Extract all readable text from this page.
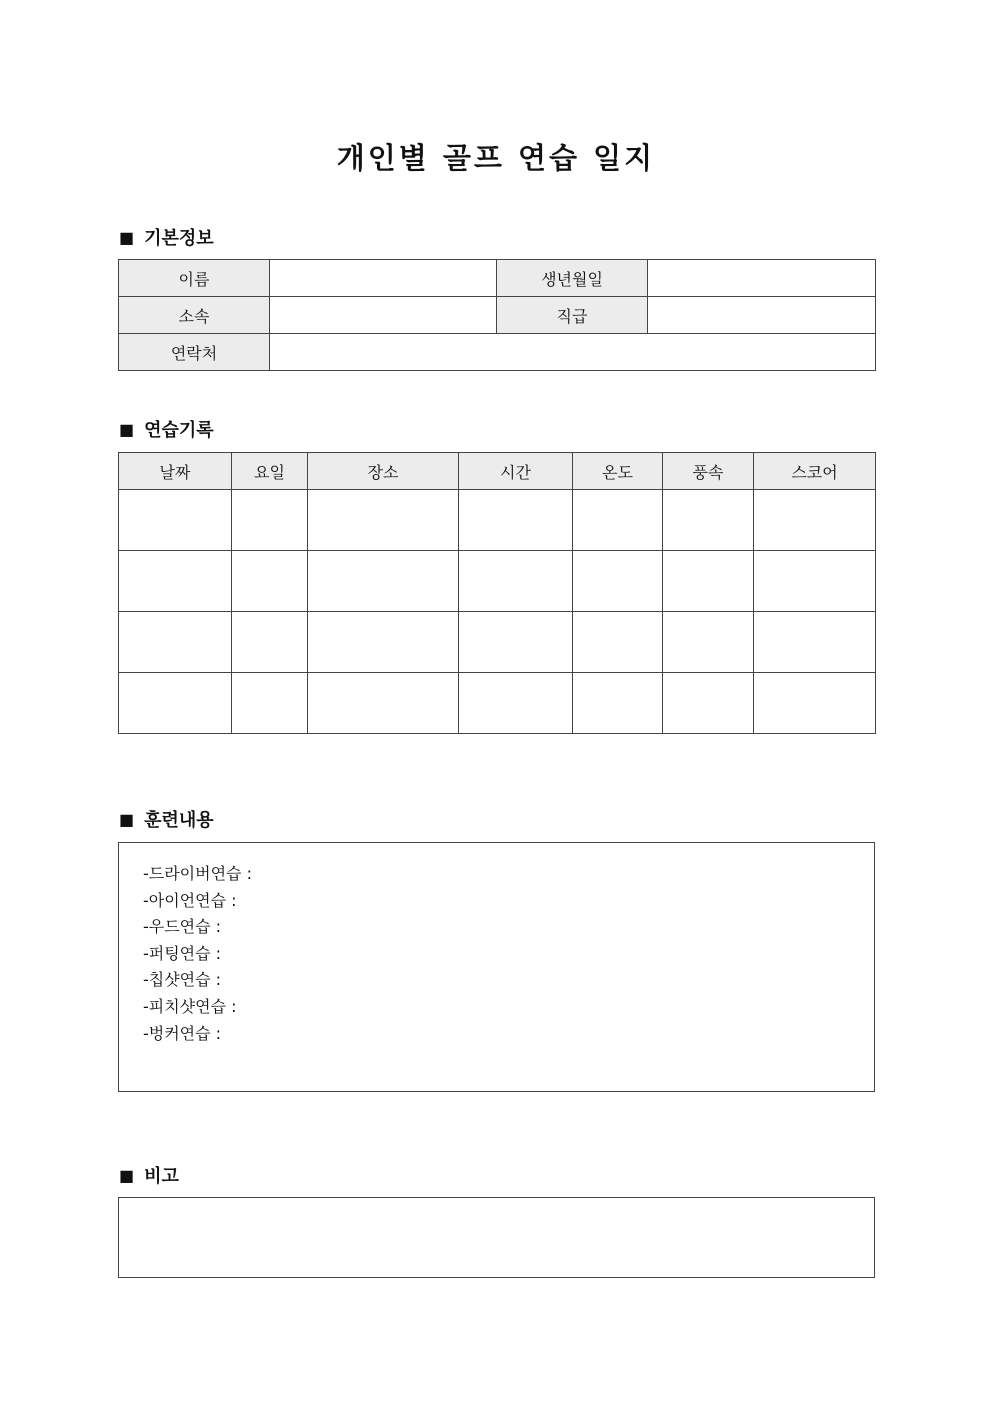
개인별 골프 연습 일지
■ 기본정보
이름		생년월일	
소속		직급	
연락처			
■ 연습기록
날짜	요일	장소	시간	온도	풍속	스코어

■ 훈련내용
-드라이버연습 :
-아이언연습 :
-우드연습 :
-퍼팅연습 :
-칩샷연습 :
-피치샷연습 :
-벙커연습 :
■ 비고
